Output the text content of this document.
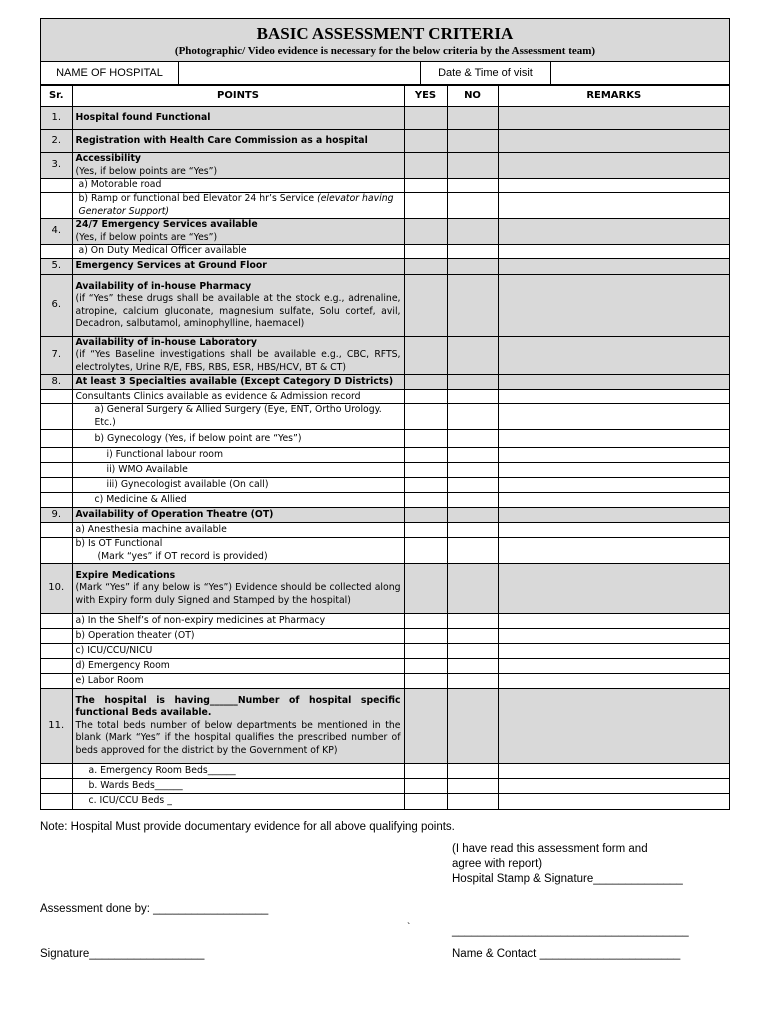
BASIC ASSESSMENT CRITERIA
(Photographic/ Video evidence is necessary for the below criteria by the Assessment team)
NAME OF HOSPITAL	Date & Time of visit
Sr.	POINTS	YES	NO	REMARKS
1.	Hospital found Functional			
2.	Registration with Health Care Commission as a hospital			
3.	Accessibility
(Yes, if below points are “Yes”)			

	a) Motorable road			

	b) Ramp or functional bed Elevator 24 hr’s Service (elevator having Generator Support)			

4.	24/7 Emergency Services available
(Yes, if below points are “Yes”)			

	a) On Duty Medical Officer available			
5.	Emergency Services at Ground Floor			
6.	Availability of in-house Pharmacy
(if “Yes” these drugs shall be available at the stock e.g., adrenaline, atropine, calcium gluconate, magnesium sulfate, Solu cortef, avil, Decadron, salbutamol, aminophylline, haemacel)			

7.	Availability of in-house Laboratory
(if “Yes Baseline investigations shall be available e.g., CBC, RFTS, electrolytes, Urine R/E, FBS, RBS, ESR, HBS/HCV, BT & CT)			

8.	At least 3 Specialties available (Except Category D Districts)			
	Consultants Clinics available as evidence & Admission record			
	a) General Surgery & Allied Surgery (Eye, ENT, Ortho Urology. Etc.)			
	b) Gynecology (Yes, if below point are “Yes”)			
	i) Functional labour room			
	ii) WMO Available			
	iii) Gynecologist available (On call)			
	c) Medicine & Allied			
9.	Availability of Operation Theatre (OT)			
	a) Anesthesia machine available			

	b) Is OT Functional
(Mark “yes” if OT record is provided)			

10.	Expire Medications
(Mark “Yes” if any below is “Yes”) Evidence should be collected along with Expiry form duly Signed and Stamped by the hospital)			

	a) In the Shelf’s of non-expiry medicines at Pharmacy			
	b) Operation theater (OT)			
	c) ICU/CCU/NICU			
	d) Emergency Room			
	e) Labor Room			
11.	The hospital is having______Number of hospital specific functional Beds available.
The total beds number of below departments be mentioned in the blank (Mark “Yes” if the hospital qualifies the prescribed number of beds approved for the district by the Government of KP)			

	a. Emergency Room Beds______			
	b. Wards Beds______			
	c. ICU/CCU Beds _			
Note: Hospital Must provide documentary evidence for all above qualifying points.
(I have read this assessment form and
agree with report)
Hospital Stamp & Signature______________
Assessment done by: __________________
`	_____________________________________
Signature__________________	Name & Contact ______________________
